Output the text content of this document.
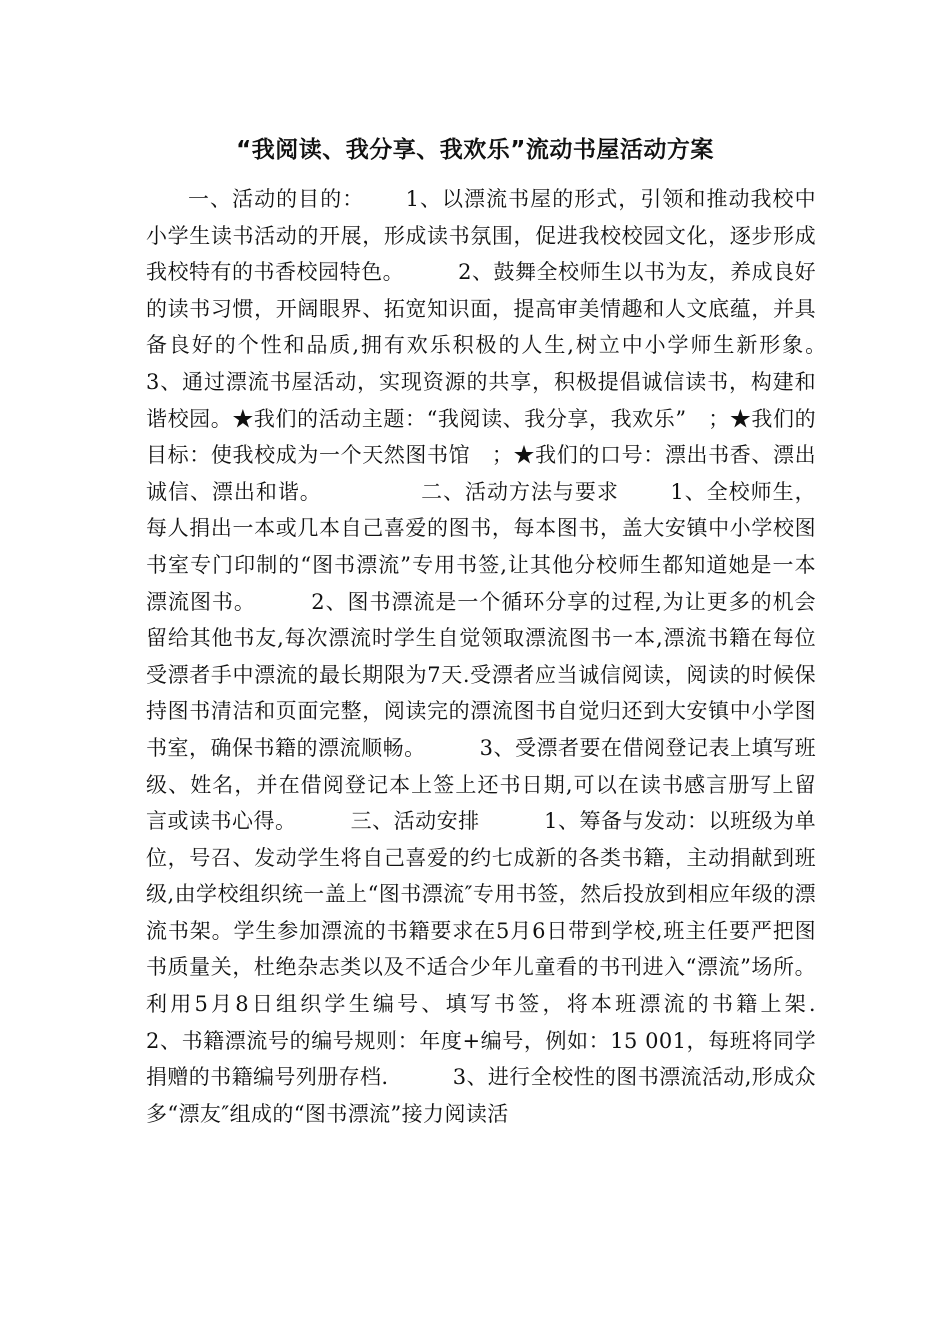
“我阅读、我分享、我欢乐”流动书屋活动方案

一、活动的目的：　　 1、以漂流书屋的形式，引领和推动我校中小学生读书活动的开展，形成读书氛围，促进我校校园文化，逐步形成我校特有的书香校园特色。　　　2、鼓舞全校师生以书为友，养成良好的读书习惯，开阔眼界、拓宽知识面，提高审美情趣和人文底蕴，并具备良好的个性和品质,拥有欢乐积极的人生,树立中小学师生新形象。　　　3、通过漂流书屋活动，实现资源的共享，积极提倡诚信读书，构建和谐校园。★我们的活动主题：“我阅读、我分享，我欢乐”　；★我们的目标：使我校成为一个天然图书馆　；★我们的口号：漂出书香、漂出诚信、漂出和谐。　　　　　二、活动方法与要求　　 1、全校师生，每人捐出一本或几本自己喜爱的图书，每本图书，盖大安镇中小学校图书室专门印制的“图书漂流”专用书签,让其他分校师生都知道她是一本漂流图书。　　　2、图书漂流是一个循环分享的过程,为让更多的机会留给其他书友,每次漂流时学生自觉领取漂流图书一本,漂流书籍在每位受漂者手中漂流的最长期限为7天.受漂者应当诚信阅读，阅读的时候保持图书清洁和页面完整，阅读完的漂流图书自觉归还到大安镇中小学图书室，确保书籍的漂流顺畅。　　　3、受漂者要在借阅登记表上填写班级、姓名，并在借阅登记本上签上还书日期,可以在读书感言册写上留言或读书心得。　　　三、活动安排　　　1、筹备与发动：以班级为单位，号召、发动学生将自己喜爱的约七成新的各类书籍，主动捐献到班级,由学校组织统一盖上“图书漂流″专用书签，然后投放到相应年级的漂流书架。学生参加漂流的书籍要求在5月6日带到学校,班主任要严把图书质量关，杜绝杂志类以及不适合少年儿童看的书刊进入“漂流”场所。利用5月8日组织学生编号、填写书签，将本班漂流的书籍上架.　　 2、书籍漂流号的编号规则：年度+编号，例如：15 001，每班将同学捐赠的书籍编号列册存档.　　　3、进行全校性的图书漂流活动,形成众多“漂友″组成的“图书漂流”接力阅读活
